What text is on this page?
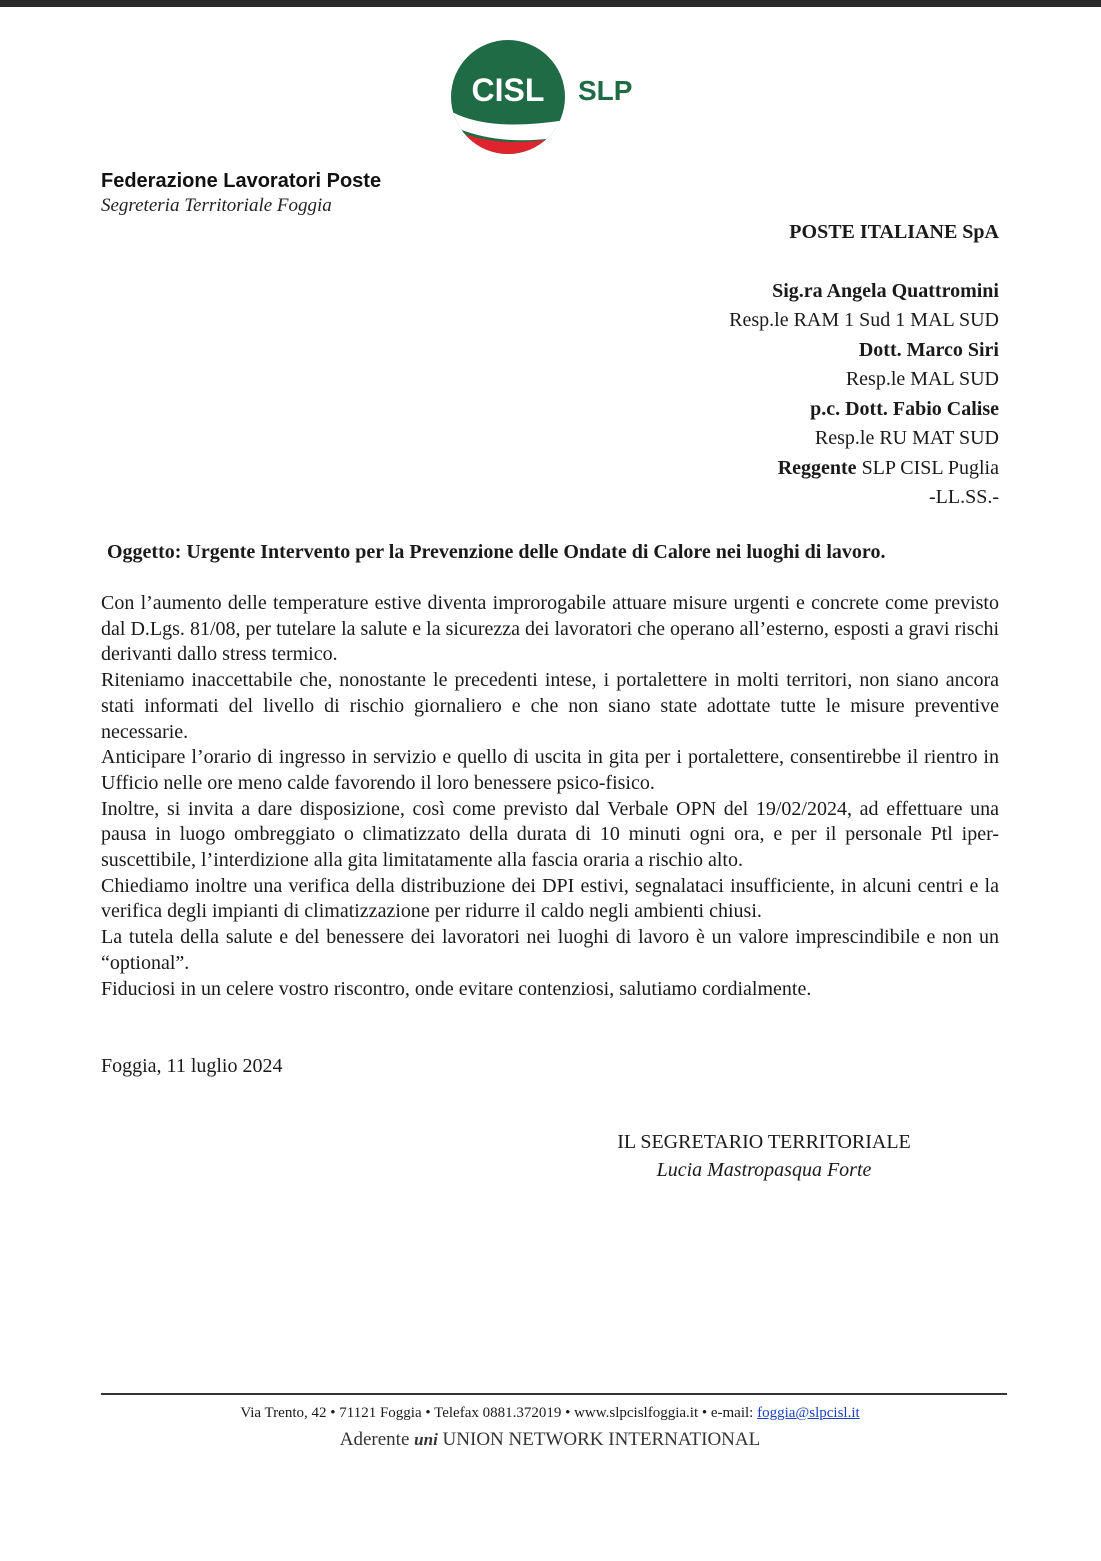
CISL SLP
Federazione Lavoratori Poste
Segreteria Territoriale Foggia
POSTE ITALIANE SpA
Sig.ra Angela Quattromini
Resp.le RAM 1 Sud 1 MAL SUD
Dott. Marco Siri
Resp.le MAL SUD
p.c. Dott. Fabio Calise
Resp.le RU MAT SUD
Reggente SLP CISL Puglia
-LL.SS.-
Oggetto: Urgente Intervento per la Prevenzione delle Ondate di Calore nei luoghi di lavoro.

Con l’aumento delle temperature estive diventa improrogabile attuare misure urgenti e concrete come previsto dal D.Lgs. 81/08, per tutelare la salute e la sicurezza dei lavoratori che operano all’esterno, esposti a gravi rischi derivanti dallo stress termico.

Riteniamo inaccettabile che, nonostante le precedenti intese, i portalettere in molti territori, non siano ancora stati informati del livello di rischio giornaliero e che non siano state adottate tutte le misure preventive necessarie.

Anticipare l’orario di ingresso in servizio e quello di uscita in gita per i portalettere, consentirebbe il rientro in Ufficio nelle ore meno calde favorendo il loro benessere psico-fisico.

Inoltre, si invita a dare disposizione, così come previsto dal Verbale OPN del 19/02/2024, ad effettuare una pausa in luogo ombreggiato o climatizzato della durata di 10 minuti ogni ora, e per il personale Ptl iper-suscettibile, l’interdizione alla gita limitatamente alla fascia oraria a rischio alto.

Chiediamo inoltre una verifica della distribuzione dei DPI estivi, segnalataci insufficiente, in alcuni centri e la verifica degli impianti di climatizzazione per ridurre il caldo negli ambienti chiusi.

La tutela della salute e del benessere dei lavoratori nei luoghi di lavoro è un valore imprescindibile e non un “optional”.

Fiduciosi in un celere vostro riscontro, onde evitare contenziosi, salutiamo cordialmente.

Foggia, 11 luglio 2024
IL SEGRETARIO TERRITORIALE
Lucia Mastropasqua Forte
Via Trento, 42 • 71121 Foggia • Telefax 0881.372019 • www.slpcislfoggia.it • e-mail: foggia@slpcisl.it
Aderente uni UNION NETWORK INTERNATIONAL
